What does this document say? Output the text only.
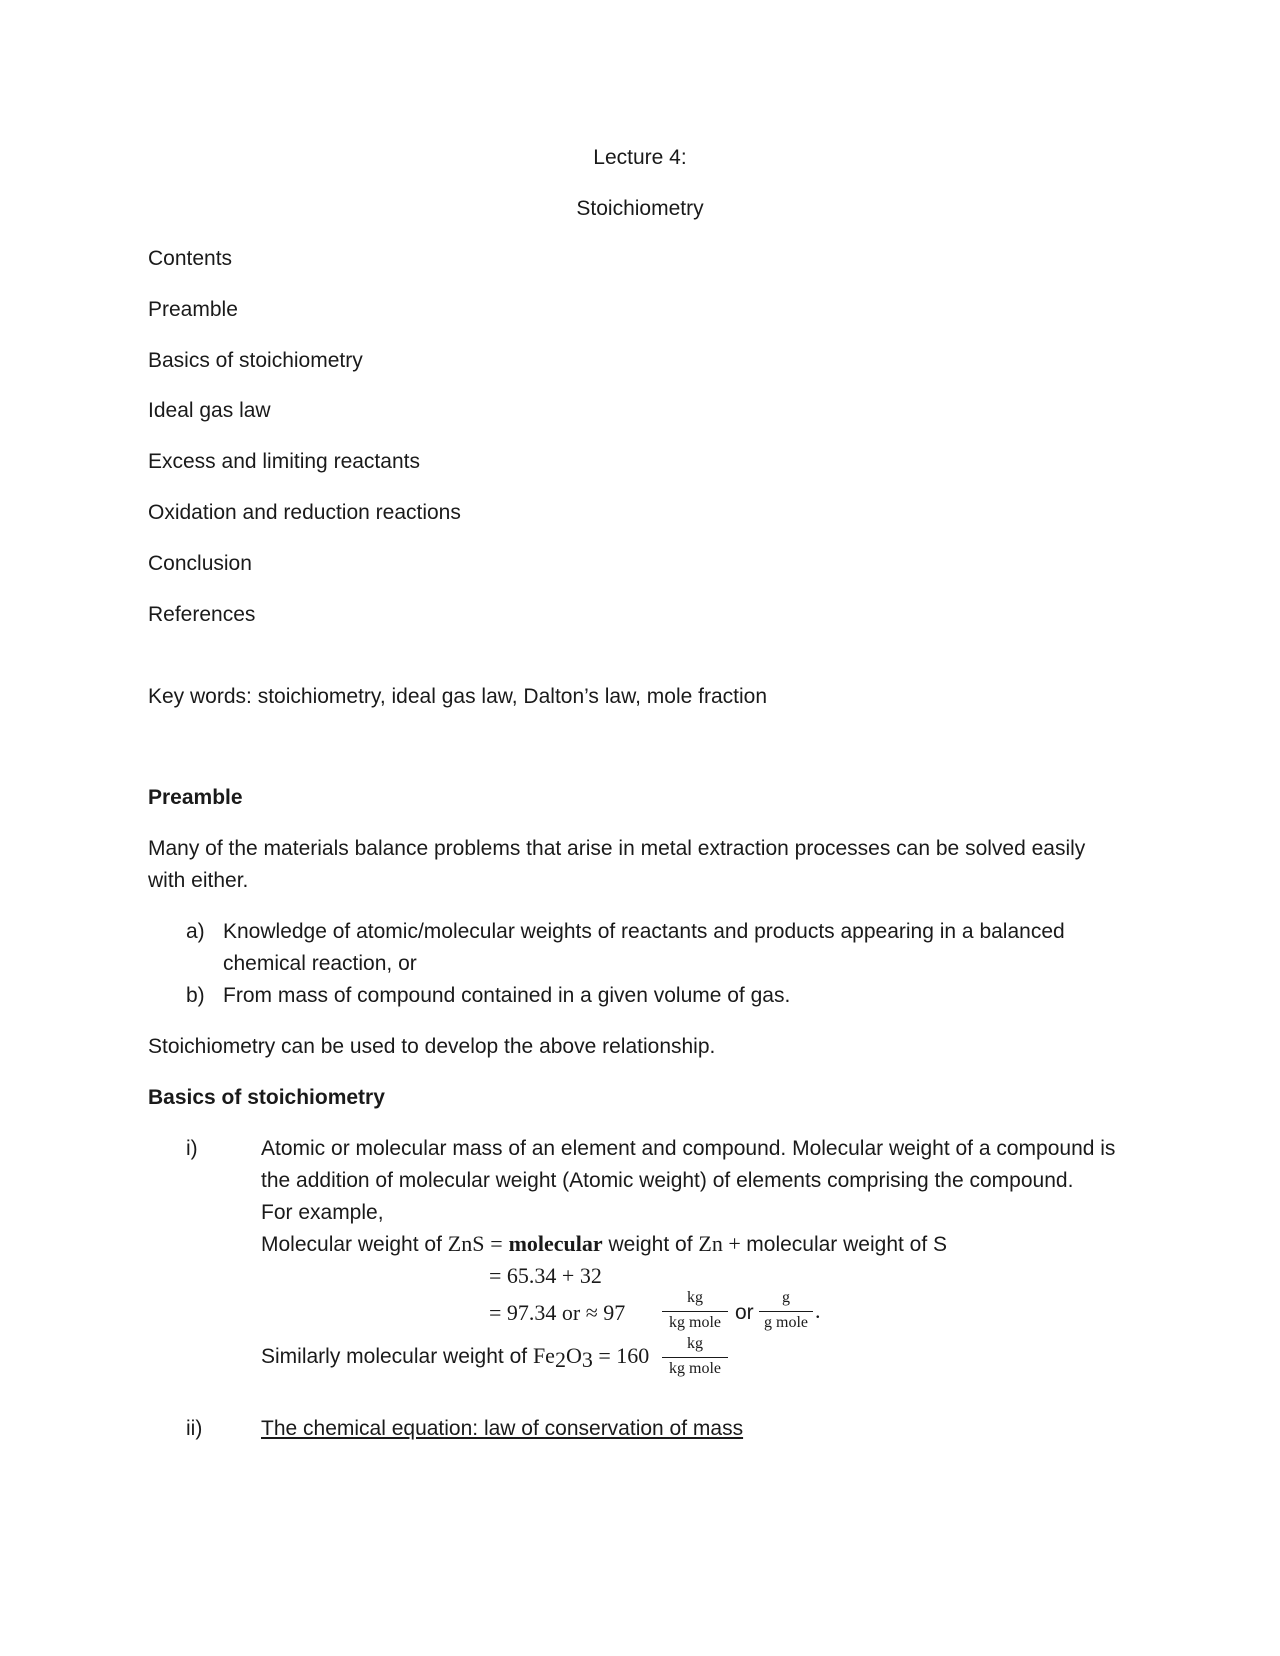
Lecture 4:
Stoichiometry
Contents
Preamble
Basics of stoichiometry
Ideal gas law
Excess and limiting reactants
Oxidation and reduction reactions
Conclusion
References
Key words: stoichiometry, ideal gas law, Dalton’s law, mole fraction
Preamble
Many of the materials balance problems that arise in metal extraction processes can be solved easily
with either.
a) Knowledge of atomic/molecular weights of reactants and products appearing in a balanced
chemical reaction, or
b) From mass of compound contained in a given volume of gas.
Stoichiometry can be used to develop the above relationship.
Basics of stoichiometry
i)	Atomic or molecular mass of an element and compound. Molecular weight of a compound is
the addition of molecular weight (Atomic weight) of elements comprising the compound.
For example,
Molecular weight of ZnS = molecular weight of Zn + molecular weight of S
= 65.34 + 32
= 97.34 or ≈ 97
kg
kg mole or
g
g mole .
Similarly molecular weight of $Fe_2O_3 = 160$	kg
kg mole
ii)	The chemical equation: law of conservation of mass
